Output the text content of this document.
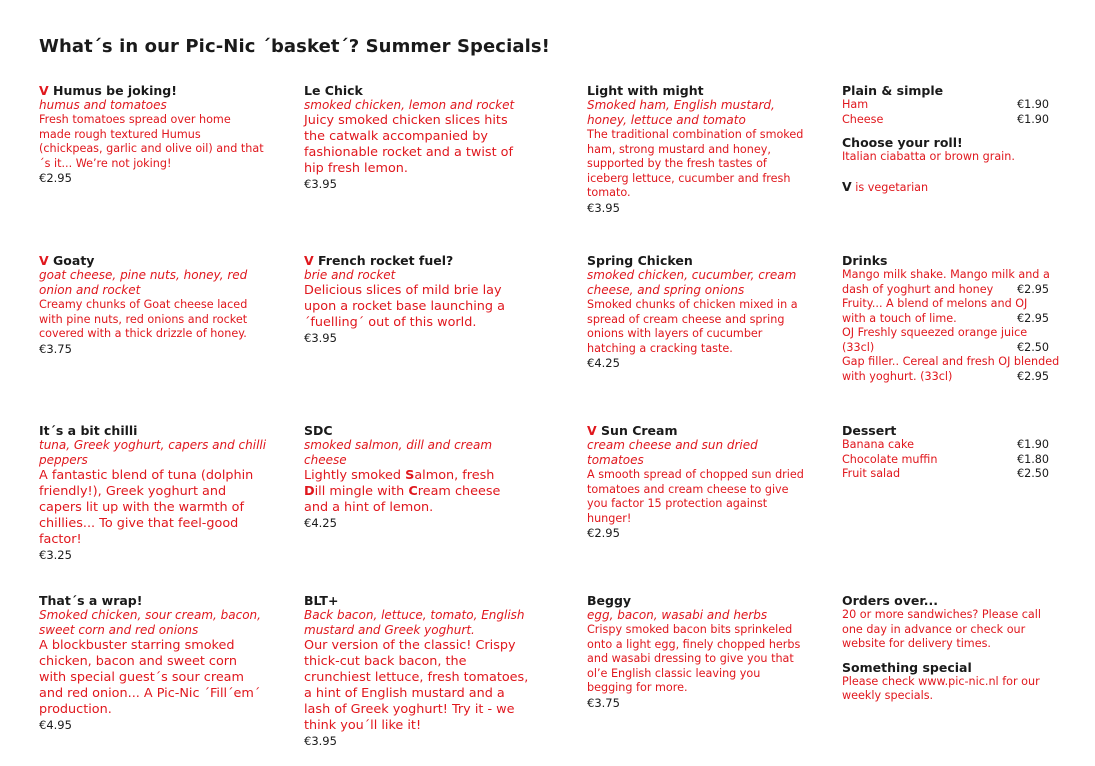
What´s in our Pic-Nic ´basket´? Summer Specials!
V Humus be joking!
humus and tomatoes
Fresh tomatoes spread over home made rough textured Humus (chickpeas, garlic and olive oil) and that´s it... We’re not joking!
€2.95
V Goaty
goat cheese, pine nuts, honey, red onion and rocket
Creamy chunks of Goat cheese laced with pine nuts, red onions and rocket covered with a thick drizzle of honey.
€3.75
It´s a bit chilli
tuna, Greek yoghurt, capers and chilli peppers
A fantastic blend of tuna (dolphin friendly!), Greek yoghurt and capers lit up with the warmth of chillies... To give that feel-good factor!
€3.25
That´s a wrap!
Smoked chicken, sour cream, bacon, sweet corn and red onions
A blockbuster starring smoked chicken, bacon and sweet corn with special guest´s sour cream and red onion... A Pic-Nic ´Fill´em´ production.
€4.95
Le Chick
smoked chicken, lemon and rocket
Juicy smoked chicken slices hits the catwalk accompanied by fashionable rocket and a twist of hip fresh lemon.
€3.95
V French rocket fuel?
brie and rocket
Delicious slices of mild brie lay upon a rocket base launching a ´fuelling´ out of this world.
€3.95
SDC
smoked salmon, dill and cream cheese
Lightly smoked Salmon, fresh Dill mingle with Cream cheese and a hint of lemon.
€4.25
BLT+
Back bacon, lettuce, tomato, English mustard and Greek yoghurt.
Our version of the classic! Crispy thick-cut back bacon, the crunchiest lettuce, fresh tomatoes, a hint of English mustard and a lash of Greek yoghurt! Try it - we think you´ll like it!
€3.95
Light with might
Smoked ham, English mustard, honey, lettuce and tomato
The traditional combination of smoked ham, strong mustard and honey, supported by the fresh tastes of iceberg lettuce, cucumber and fresh tomato.
€3.95
Spring Chicken
smoked chicken, cucumber, cream cheese, and spring onions
Smoked chunks of chicken mixed in a spread of cream cheese and spring onions with layers of cucumber hatching a cracking taste.
€4.25
V Sun Cream
cream cheese and sun dried tomatoes
A smooth spread of chopped sun dried tomatoes and cream cheese to give you factor 15 protection against hunger!
€2.95
Beggy
egg, bacon, wasabi and herbs
Crispy smoked bacon bits sprinkeled onto a light egg, finely chopped herbs and wasabi dressing to give you that ol’e English classic leaving you begging for more.
€3.75
Plain & simple
Ham	€1.90
Cheese	€1.90
Choose your roll!
Italian ciabatta or brown grain.
V is vegetarian
Drinks
Mango milk shake. Mango milk and a dash of yoghurt and honey €2.95
Fruity... A blend of melons and OJ with a touch of lime.	€2.95
OJ Freshly squeezed orange juice (33cl)	€2.50
Gap filler.. Cereal and fresh OJ blended with yoghurt. (33cl)	€2.95
Dessert
Banana cake	€1.90
Chocolate muffin	€1.80
Fruit salad	€2.50
Orders over...
20 or more sandwiches? Please call one day in advance or check our website for delivery times.
Something special
Please check www.pic-nic.nl for our weekly specials.
